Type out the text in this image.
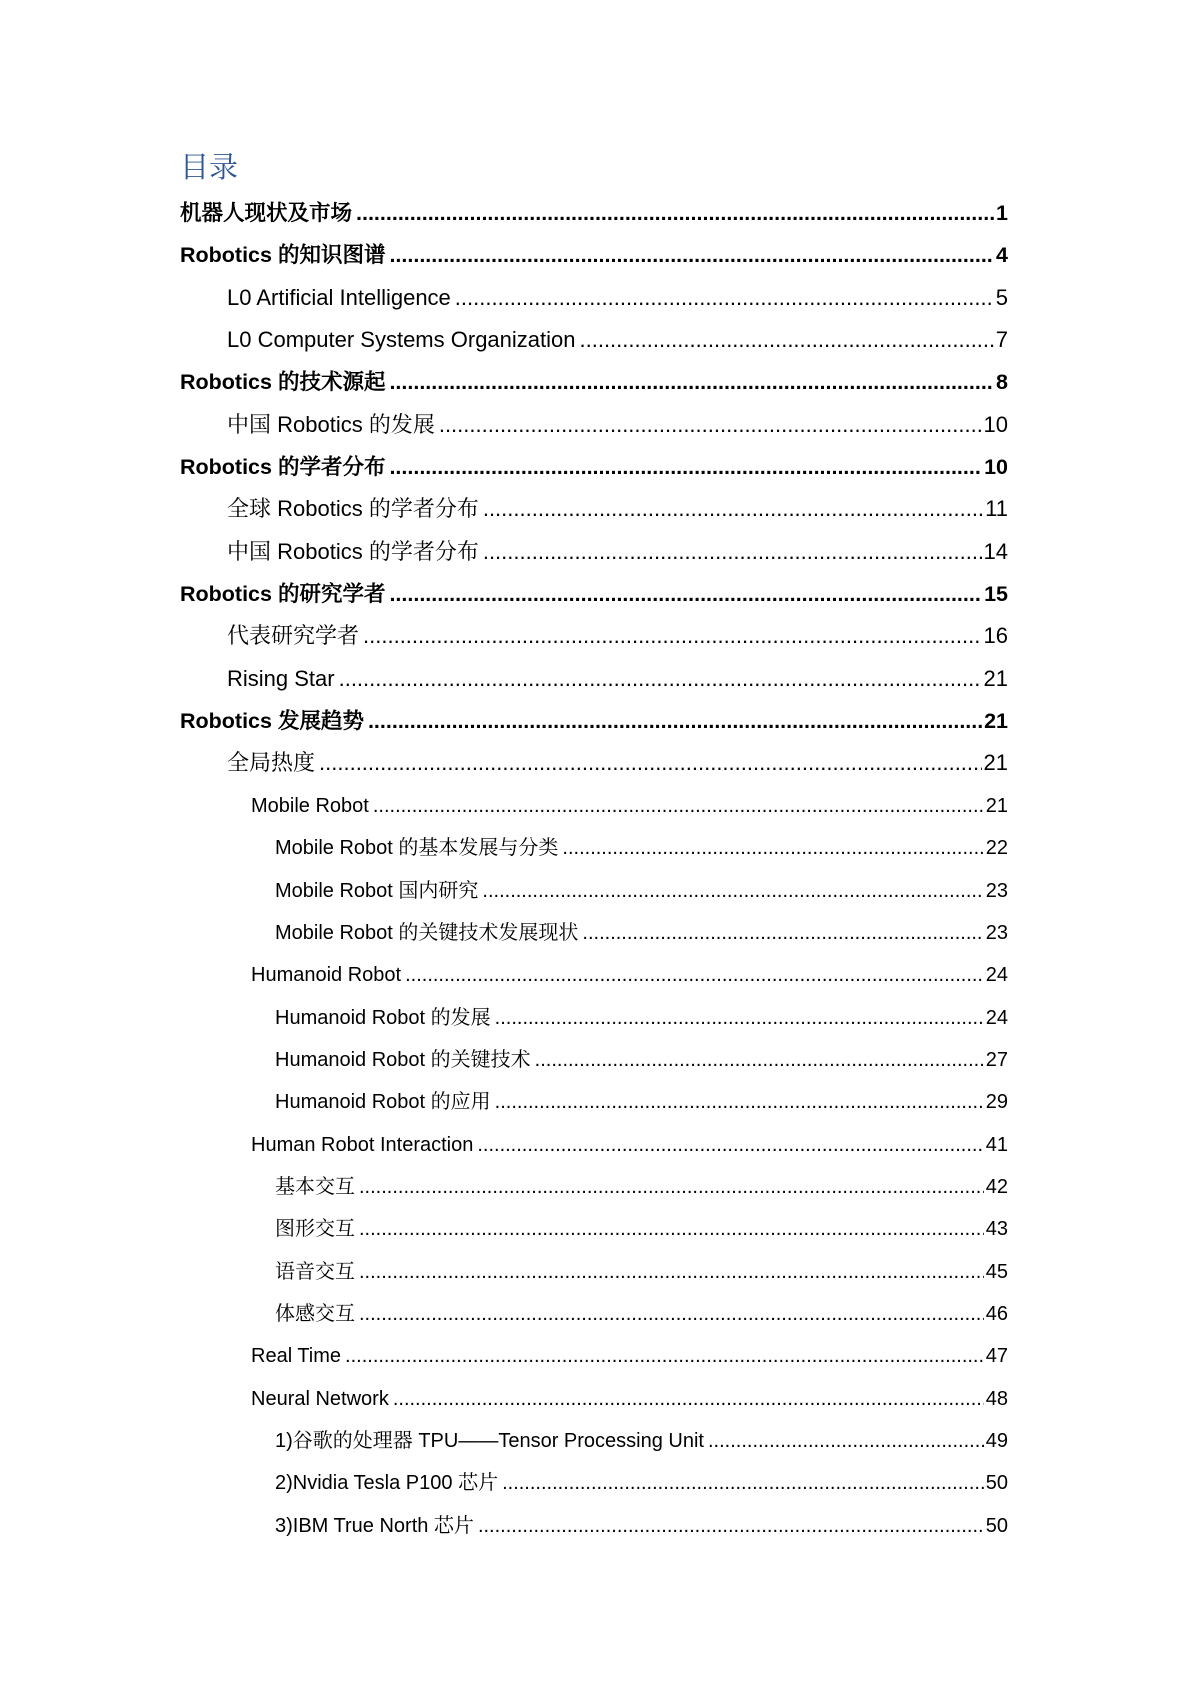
目录
机器人现状及市场 .....	1
Robotics 的知识图谱 .....	4
L0 Artificial Intelligence .....	5
L0 Computer Systems Organization .....	7
Robotics 的技术源起 .....	8
中国 Robotics 的发展 .....	10
Robotics 的学者分布 .....	10
全球 Robotics 的学者分布 .....	11
中国 Robotics 的学者分布 .....	14
Robotics 的研究学者 .....	15
代表研究学者 .....	16
Rising Star .....	21
Robotics 发展趋势 .....	21
全局热度 .....	21
Mobile Robot .....	21
Mobile Robot 的基本发展与分类 .....	22
Mobile Robot 国内研究 .....	23
Mobile Robot 的关键技术发展现状 .....	23
Humanoid Robot .....	24
Humanoid Robot 的发展 .....	24
Humanoid Robot 的关键技术 .....	27
Humanoid Robot 的应用 .....	29
Human Robot Interaction .....	41
基本交互 .....	42
图形交互 .....	43
语音交互 .....	45
体感交互 .....	46
Real Time .....	47
Neural Network .....	48
1)谷歌的处理器 TPU——Tensor Processing Unit .....	49
2)Nvidia Tesla P100 芯片 .....	50
3)IBM True North 芯片 .....	50
